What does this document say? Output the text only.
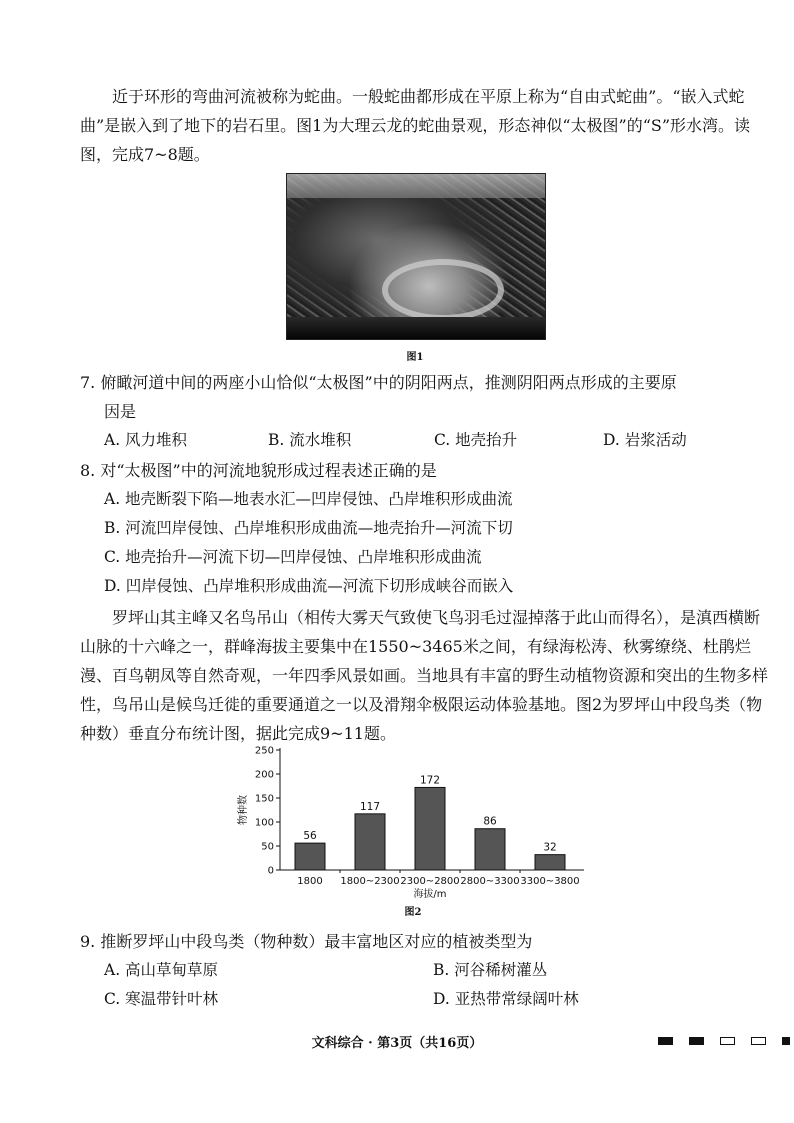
近于环形的弯曲河流被称为蛇曲。一般蛇曲都形成在平原上称为“自由式蛇曲”。“嵌入式蛇曲”是嵌入到了地下的岩石里。图1为大理云龙的蛇曲景观，形态神似“太极图”的“S”形水湾。读图，完成7~8题。
图1
7. 俯瞰河道中间的两座小山恰似“太极图”中的阴阳两点，推测阴阳两点形成的主要原
因是
A. 风力堆积	B. 流水堆积	C. 地壳抬升	D. 岩浆活动
8. 对“太极图”中的河流地貌形成过程表述正确的是
A. 地壳断裂下陷—地表水汇—凹岸侵蚀、凸岸堆积形成曲流
B. 河流凹岸侵蚀、凸岸堆积形成曲流—地壳抬升—河流下切
C. 地壳抬升—河流下切—凹岸侵蚀、凸岸堆积形成曲流
D. 凹岸侵蚀、凸岸堆积形成曲流—河流下切形成峡谷而嵌入
罗坪山其主峰又名鸟吊山（相传大雾天气致使飞鸟羽毛过湿掉落于此山而得名），是滇西横断山脉的十六峰之一，群峰海拔主要集中在1550~3465米之间，有绿海松涛、秋雾缭绕、杜鹃烂漫、百鸟朝凤等自然奇观，一年四季风景如画。当地具有丰富的野生动植物资源和突出的生物多样性，鸟吊山是候鸟迁徙的重要通道之一以及滑翔伞极限运动体验基地。图2为罗坪山中段鸟类（物种数）垂直分布统计图，据此完成9~11题。
0
50
100
150
200
250
物种数
56
1800
117
1800~2300
172
2300~2800
86
2800~3300
32
3300~3800
海拔/m
图2
9. 推断罗坪山中段鸟类（物种数）最丰富地区对应的植被类型为
A. 高山草甸草原	B. 河谷稀树灌丛
C. 寒温带针叶林	D. 亚热带常绿阔叶林
文科综合 · 第3页（共16页）
